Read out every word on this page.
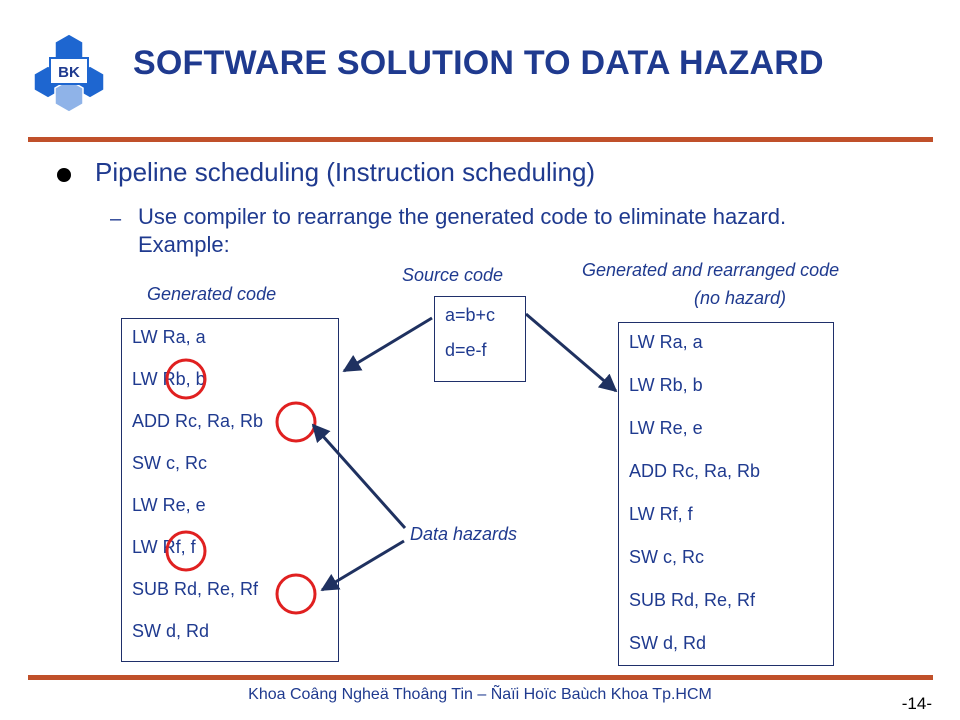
BK SOFTWARE SOLUTION TO DATA HAZARD
Pipeline scheduling (Instruction scheduling)
– Use compiler to rearrange the generated code to eliminate hazard. Example:
Generated code
Source code	Generated and rearranged code
(no hazard)
Data hazards
LW Ra, a
LW Rb, b
ADD Rc, Ra, Rb
SW c, Rc
LW Re, e
LW Rf, f
SUB Rd, Re, Rf
SW d, Rd
a=b+c
d=e-f	LW Ra, a
LW Rb, b
LW Re, e
ADD Rc, Ra, Rb
LW Rf, f
SW c, Rc
SUB Rd, Re, Rf
SW d, Rd
Khoa Coâng Ngheä Thoâng Tin – Ñaïi Hoïc Baùch Khoa Tp.HCM	-14-
